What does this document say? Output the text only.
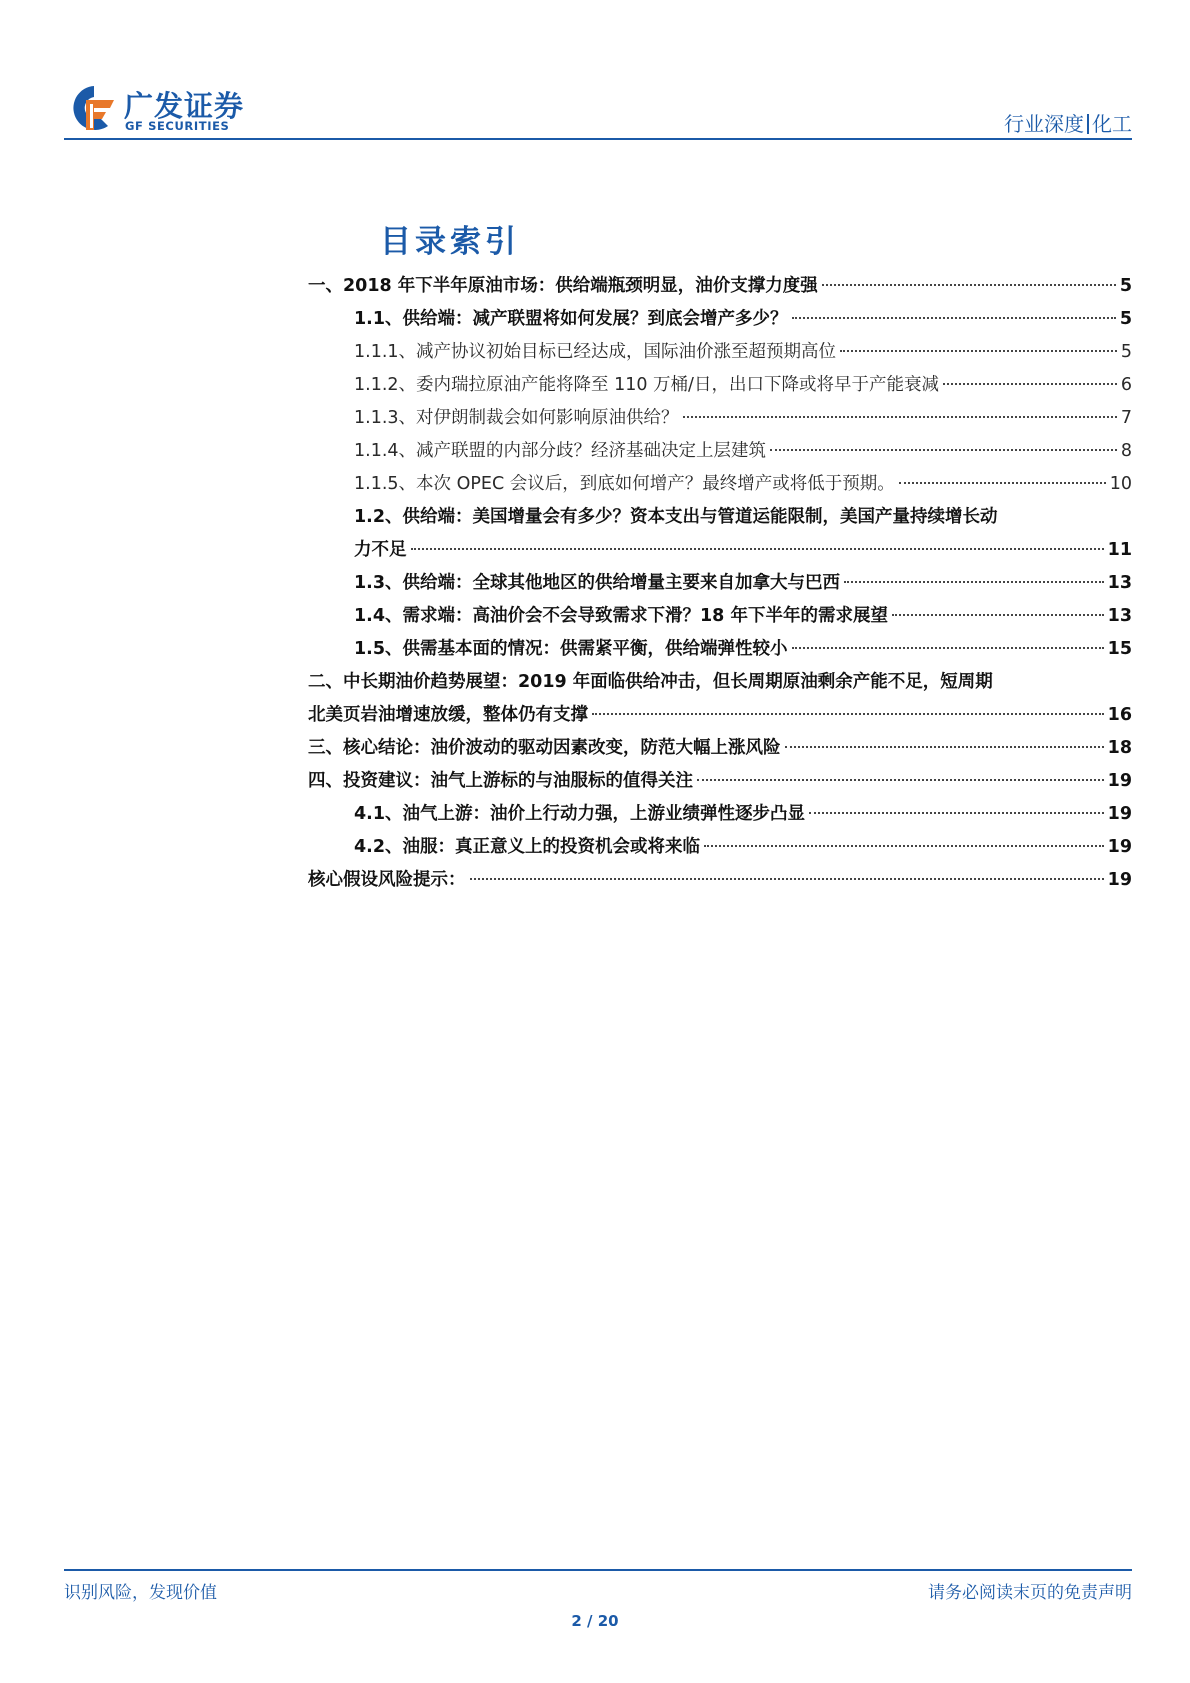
广发证券
GF SECURITIES	行业深度 化工
目录索引
一、2018 年下半年原油市场：供给端瓶颈明显，油价支撑力度强	5
1.1、供给端：减产联盟将如何发展？到底会增产多少？	5
1.1.1、减产协议初始目标已经达成，国际油价涨至超预期高位	5
1.1.2、委内瑞拉原油产能将降至 110 万桶/日，出口下降或将早于产能衰减	6
1.1.3、对伊朗制裁会如何影响原油供给？	7
1.1.4、减产联盟的内部分歧？经济基础决定上层建筑	8
1.1.5、本次 OPEC 会议后，到底如何增产？最终增产或将低于预期。	10
1.2、供给端：美国增量会有多少？资本支出与管道运能限制，美国产量持续增长动
力不足	11
1.3、供给端：全球其他地区的供给增量主要来自加拿大与巴西	13
1.4、需求端：高油价会不会导致需求下滑？18 年下半年的需求展望	13
1.5、供需基本面的情况：供需紧平衡，供给端弹性较小	15
二、中长期油价趋势展望：2019 年面临供给冲击，但长周期原油剩余产能不足，短周期
北美页岩油增速放缓，整体仍有支撑	16
三、核心结论：油价波动的驱动因素改变，防范大幅上涨风险	18
四、投资建议：油气上游标的与油服标的值得关注	19
4.1、油气上游：油价上行动力强，上游业绩弹性逐步凸显	19
4.2、油服：真正意义上的投资机会或将来临	19
核心假设风险提示：	19
识别风险，发现价值	请务必阅读末页的免责声明
2 / 20
